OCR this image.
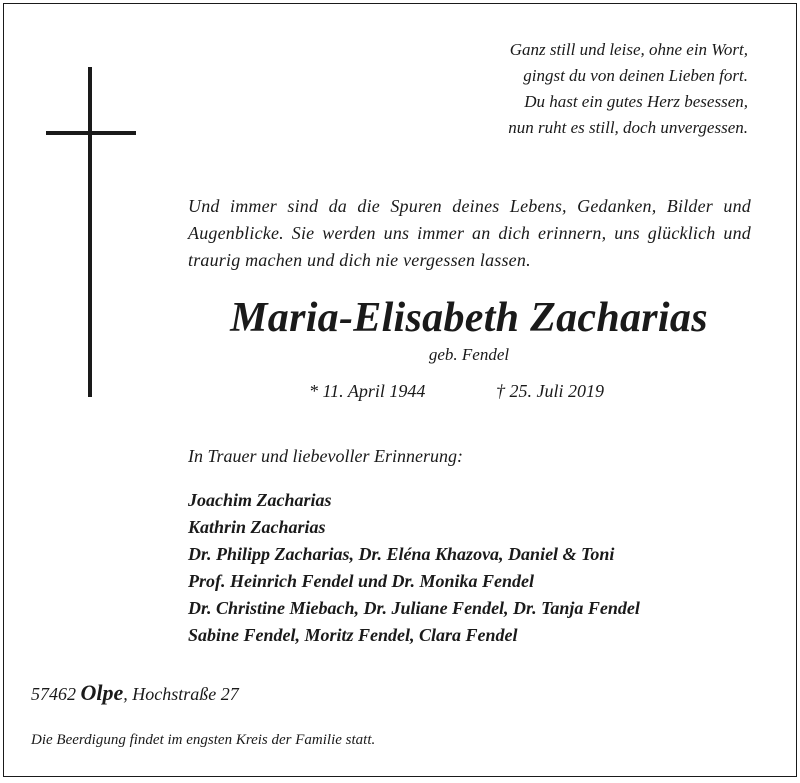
Ganz still und leise, ohne ein Wort,
gingst du von deinen Lieben fort.
Du hast ein gutes Herz besessen,
nun ruht es still, doch unvergessen.

Und immer sind da die Spuren deines Lebens, Gedanken, Bilder und Augenblicke. Sie werden uns immer an dich erinnern, uns glücklich und traurig machen und dich nie vergessen lassen.

Maria-Elisabeth Zacharias
geb. Fendel
* 11. April 1944	† 25. Juli 2019
In Trauer und liebevoller Erinnerung:
Joachim Zacharias
Kathrin Zacharias
Dr. Philipp Zacharias, Dr. Eléna Khazova, Daniel & Toni
Prof. Heinrich Fendel und Dr. Monika Fendel
Dr. Christine Miebach, Dr. Juliane Fendel, Dr. Tanja Fendel
Sabine Fendel, Moritz Fendel, Clara Fendel
57462 Olpe, Hochstraße 27
Die Beerdigung findet im engsten Kreis der Familie statt.
